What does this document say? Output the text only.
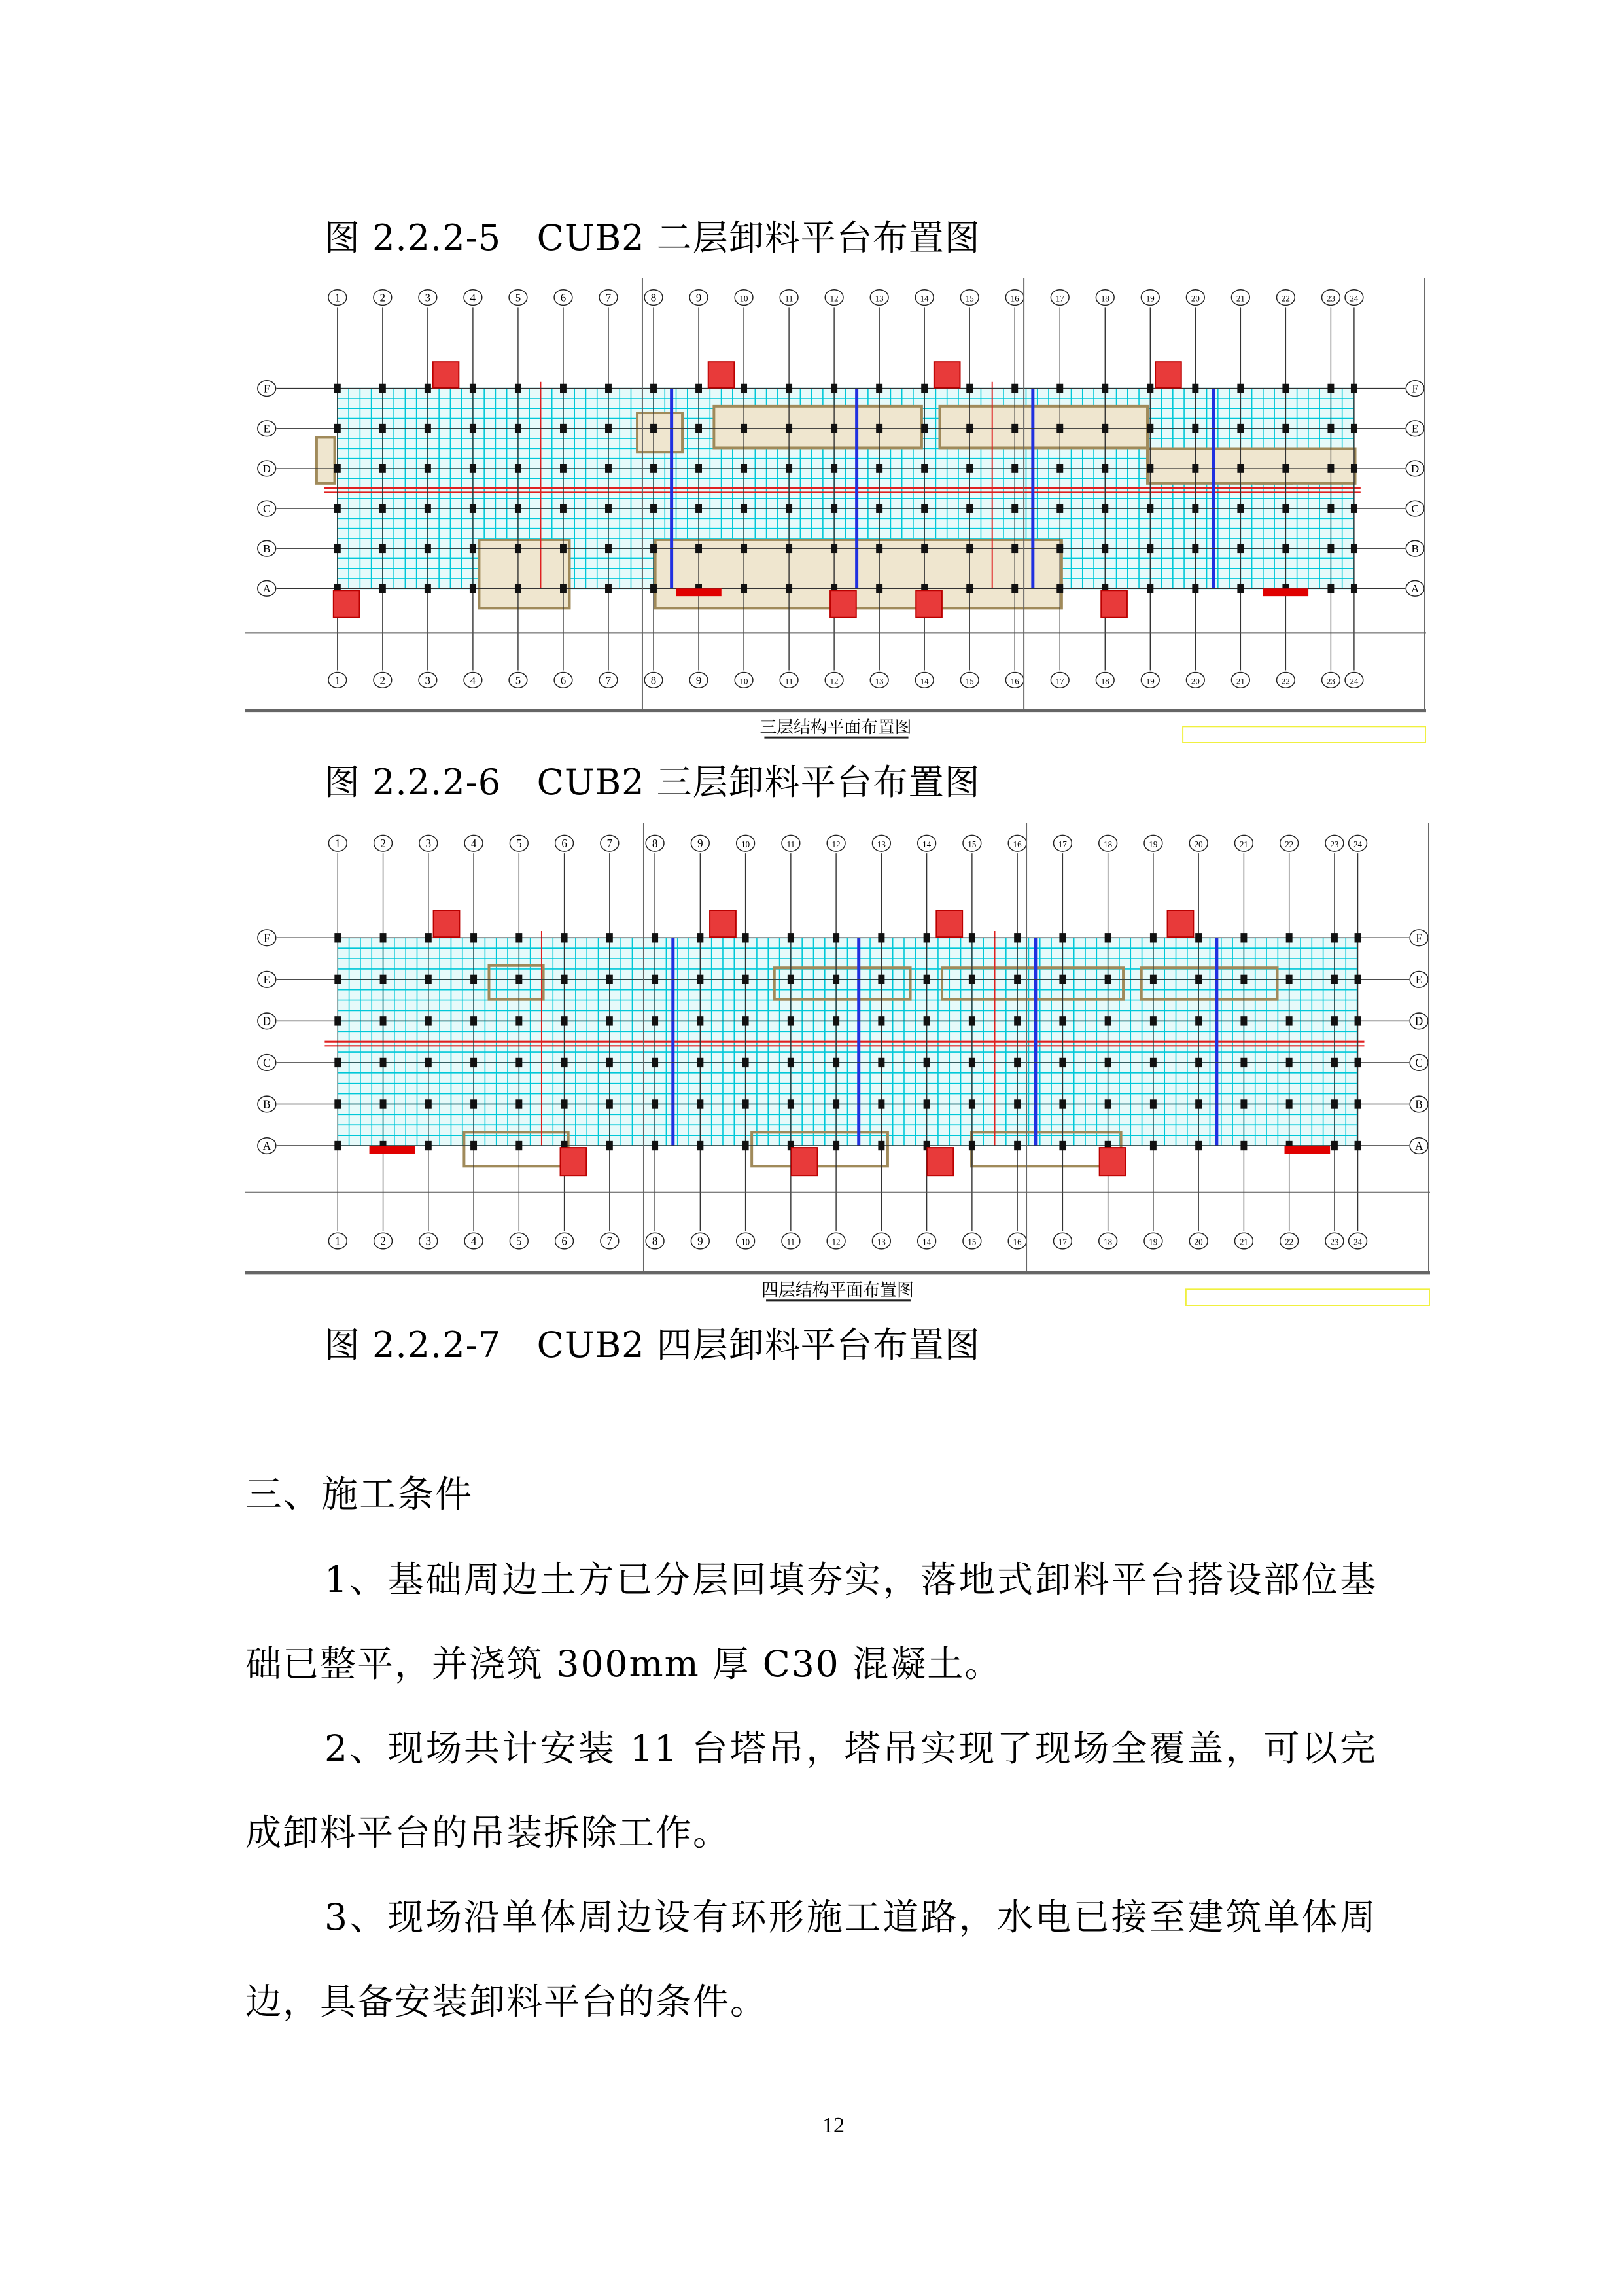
图 2.2.2-5   CUB2 二层卸料平台布置图
1
1
2
2
3
3
4
4
5
5
6
6
7
7
8
8
9
9
10
10
11
11
12
12
13
13
14
14
15
15
16
16
17
17
18
18
19
19
20
20
21
21
22
22
23
23
24
24
F	F
E	E
D	D
C	C
B	B
A	A
三层结构平面布置图
图 2.2.2-6   CUB2 三层卸料平台布置图
1
1
2
2
3
3
4
4
5
5
6
6
7
7
8
8
9
9
10
10
11
11
12
12
13
13
14
14
15
15
16
16
17
17
18
18
19
19
20
20
21
21
22
22
23
23
24
24
F	F
E	E
D	D
C	C
B	B
A	A
四层结构平面布置图
图 2.2.2-7   CUB2 四层卸料平台布置图
三、施工条件

1、基础周边土方已分层回填夯实，落地式卸料平台搭设部位基础已整平，并浇筑 300mm 厚 C30 混凝土。

2、现场共计安装 11 台塔吊，塔吊实现了现场全覆盖，可以完成卸料平台的吊装拆除工作。

3、现场沿单体周边设有环形施工道路，水电已接至建筑单体周边，具备安装卸料平台的条件。

12
